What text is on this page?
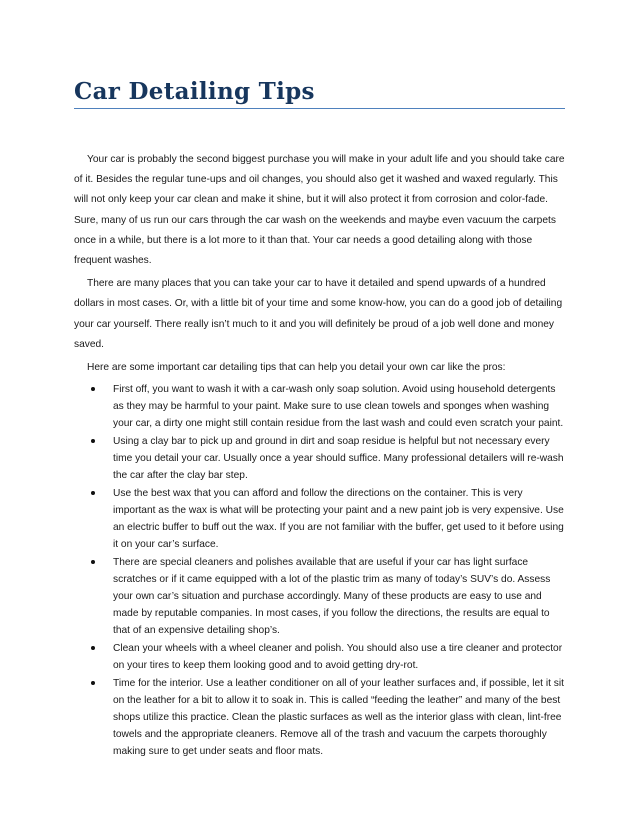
Car Detailing Tips

Your car is probably the second biggest purchase you will make in your adult life and you should take care of it. Besides the regular tune-ups and oil changes, you should also get it washed and waxed regularly. This will not only keep your car clean and make it shine, but it will also protect it from corrosion and color-fade. Sure, many of us run our cars through the car wash on the weekends and maybe even vacuum the carpets once in a while, but there is a lot more to it than that. Your car needs a good detailing along with those frequent washes.

There are many places that you can take your car to have it detailed and spend upwards of a hundred dollars in most cases. Or, with a little bit of your time and some know-how, you can do a good job of detailing your car yourself. There really isn’t much to it and you will definitely be proud of a job well done and money saved.

Here are some important car detailing tips that can help you detail your own car like the pros:

First off, you want to wash it with a car-wash only soap solution. Avoid using household detergents as they may be harmful to your paint. Make sure to use clean towels and sponges when washing your car, a dirty one might still contain residue from the last wash and could even scratch your paint.
Using a clay bar to pick up and ground in dirt and soap residue is helpful but not necessary every time you detail your car. Usually once a year should suffice. Many professional detailers will re-wash the car after the clay bar step.
Use the best wax that you can afford and follow the directions on the container. This is very important as the wax is what will be protecting your paint and a new paint job is very expensive. Use an electric buffer to buff out the wax. If you are not familiar with the buffer, get used to it before using it on your car’s surface.
There are special cleaners and polishes available that are useful if your car has light surface scratches or if it came equipped with a lot of the plastic trim as many of today’s SUV’s do. Assess your own car’s situation and purchase accordingly. Many of these products are easy to use and made by reputable companies. In most cases, if you follow the directions, the results are equal to that of an expensive detailing shop’s.
Clean your wheels with a wheel cleaner and polish. You should also use a tire cleaner and protector on your tires to keep them looking good and to avoid getting dry-rot.
Time for the interior. Use a leather conditioner on all of your leather surfaces and, if possible, let it sit on the leather for a bit to allow it to soak in. This is called “feeding the leather” and many of the best shops utilize this practice. Clean the plastic surfaces as well as the interior glass with clean, lint-free towels and the appropriate cleaners. Remove all of the trash and vacuum the carpets thoroughly making sure to get under seats and floor mats.
